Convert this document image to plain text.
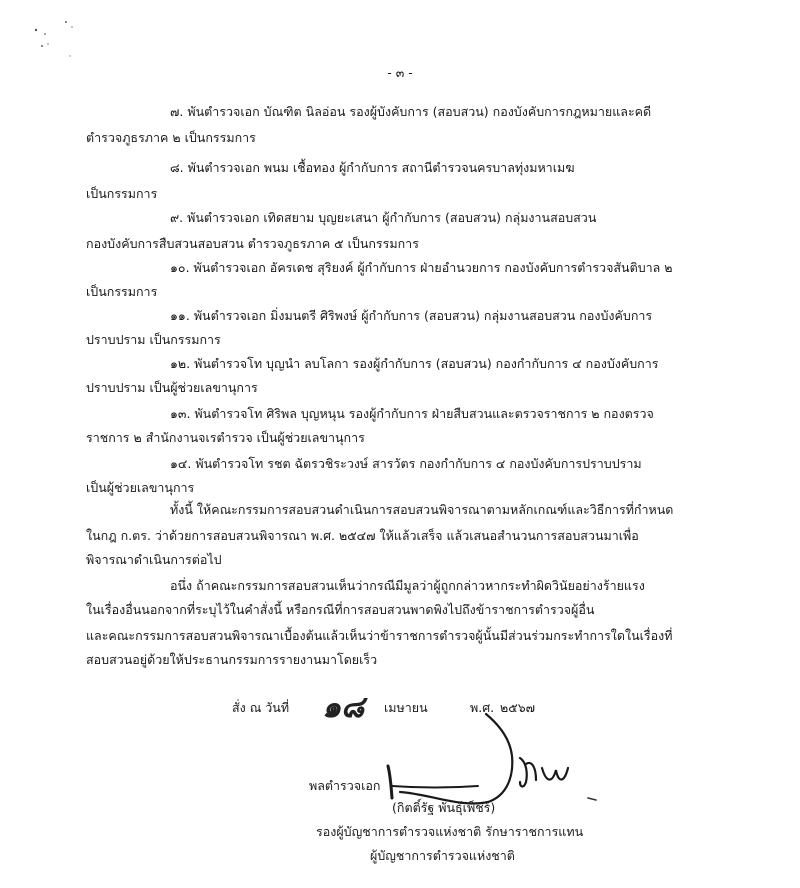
- ๓ -
๗. พันตำรวจเอก บัณฑิต นิลอ่อน รองผู้บังคับการ (สอบสวน) กองบังคับการกฎหมายและคดี
ตำรวจภูธรภาค ๒ เป็นกรรมการ
๘. พันตำรวจเอก พนม เชื้อทอง ผู้กำกับการ สถานีตำรวจนครบาลทุ่งมหาเมฆ
เป็นกรรมการ
๙. พันตำรวจเอก เทิดสยาม บุญยะเสนา ผู้กำกับการ (สอบสวน) กลุ่มงานสอบสวน
กองบังคับการสืบสวนสอบสวน ตำรวจภูธรภาค ๕ เป็นกรรมการ
๑๐. พันตำรวจเอก อัครเดช สุริยงค์ ผู้กำกับการ ฝ่ายอำนวยการ กองบังคับการตำรวจสันติบาล ๒
เป็นกรรมการ
๑๑. พันตำรวจเอก มิ่งมนตรี ศิริพงษ์ ผู้กำกับการ (สอบสวน) กลุ่มงานสอบสวน กองบังคับการ
ปราบปราม เป็นกรรมการ
๑๒. พันตำรวจโท บุญนำ ลบโลกา รองผู้กำกับการ (สอบสวน) กองกำกับการ ๔ กองบังคับการ
ปราบปราม เป็นผู้ช่วยเลขานุการ
๑๓. พันตำรวจโท ศิริพล บุญหนุน รองผู้กำกับการ ฝ่ายสืบสวนและตรวจราชการ ๒ กองตรวจ
ราชการ ๒ สำนักงานจเรตำรวจ เป็นผู้ช่วยเลขานุการ
๑๔. พันตำรวจโท รชต ฉัตรวชิระวงษ์ สารวัตร กองกำกับการ ๔ กองบังคับการปราบปราม
เป็นผู้ช่วยเลขานุการ
ทั้งนี้ ให้คณะกรรมการสอบสวนดำเนินการสอบสวนพิจารณาตามหลักเกณฑ์และวิธีการที่กำหนด
ในกฎ ก.ตร. ว่าด้วยการสอบสวนพิจารณา พ.ศ. ๒๕๔๗ ให้แล้วเสร็จ แล้วเสนอสำนวนการสอบสวนมาเพื่อ
พิจารณาดำเนินการต่อไป
อนึ่ง ถ้าคณะกรรมการสอบสวนเห็นว่ากรณีมีมูลว่าผู้ถูกกล่าวหากระทำผิดวินัยอย่างร้ายแรง
ในเรื่องอื่นนอกจากที่ระบุไว้ในคำสั่งนี้ หรือกรณีที่การสอบสวนพาดพิงไปถึงข้าราชการตำรวจผู้อื่น
และคณะกรรมการสอบสวนพิจารณาเบื้องต้นแล้วเห็นว่าข้าราชการตำรวจผู้นั้นมีส่วนร่วมกระทำการใดในเรื่องที่
สอบสวนอยู่ด้วยให้ประธานกรรมการรายงานมาโดยเร็ว
สั่ง ณ วันที่ ๑๘ เมษายน	พ.ศ. ๒๕๖๗
พลตำรวจเอก
(กิตติ์รัฐ พันธุ์เพ็ชร์)
รองผู้บัญชาการตำรวจแห่งชาติ รักษาราชการแทน
ผู้บัญชาการตำรวจแห่งชาติ
